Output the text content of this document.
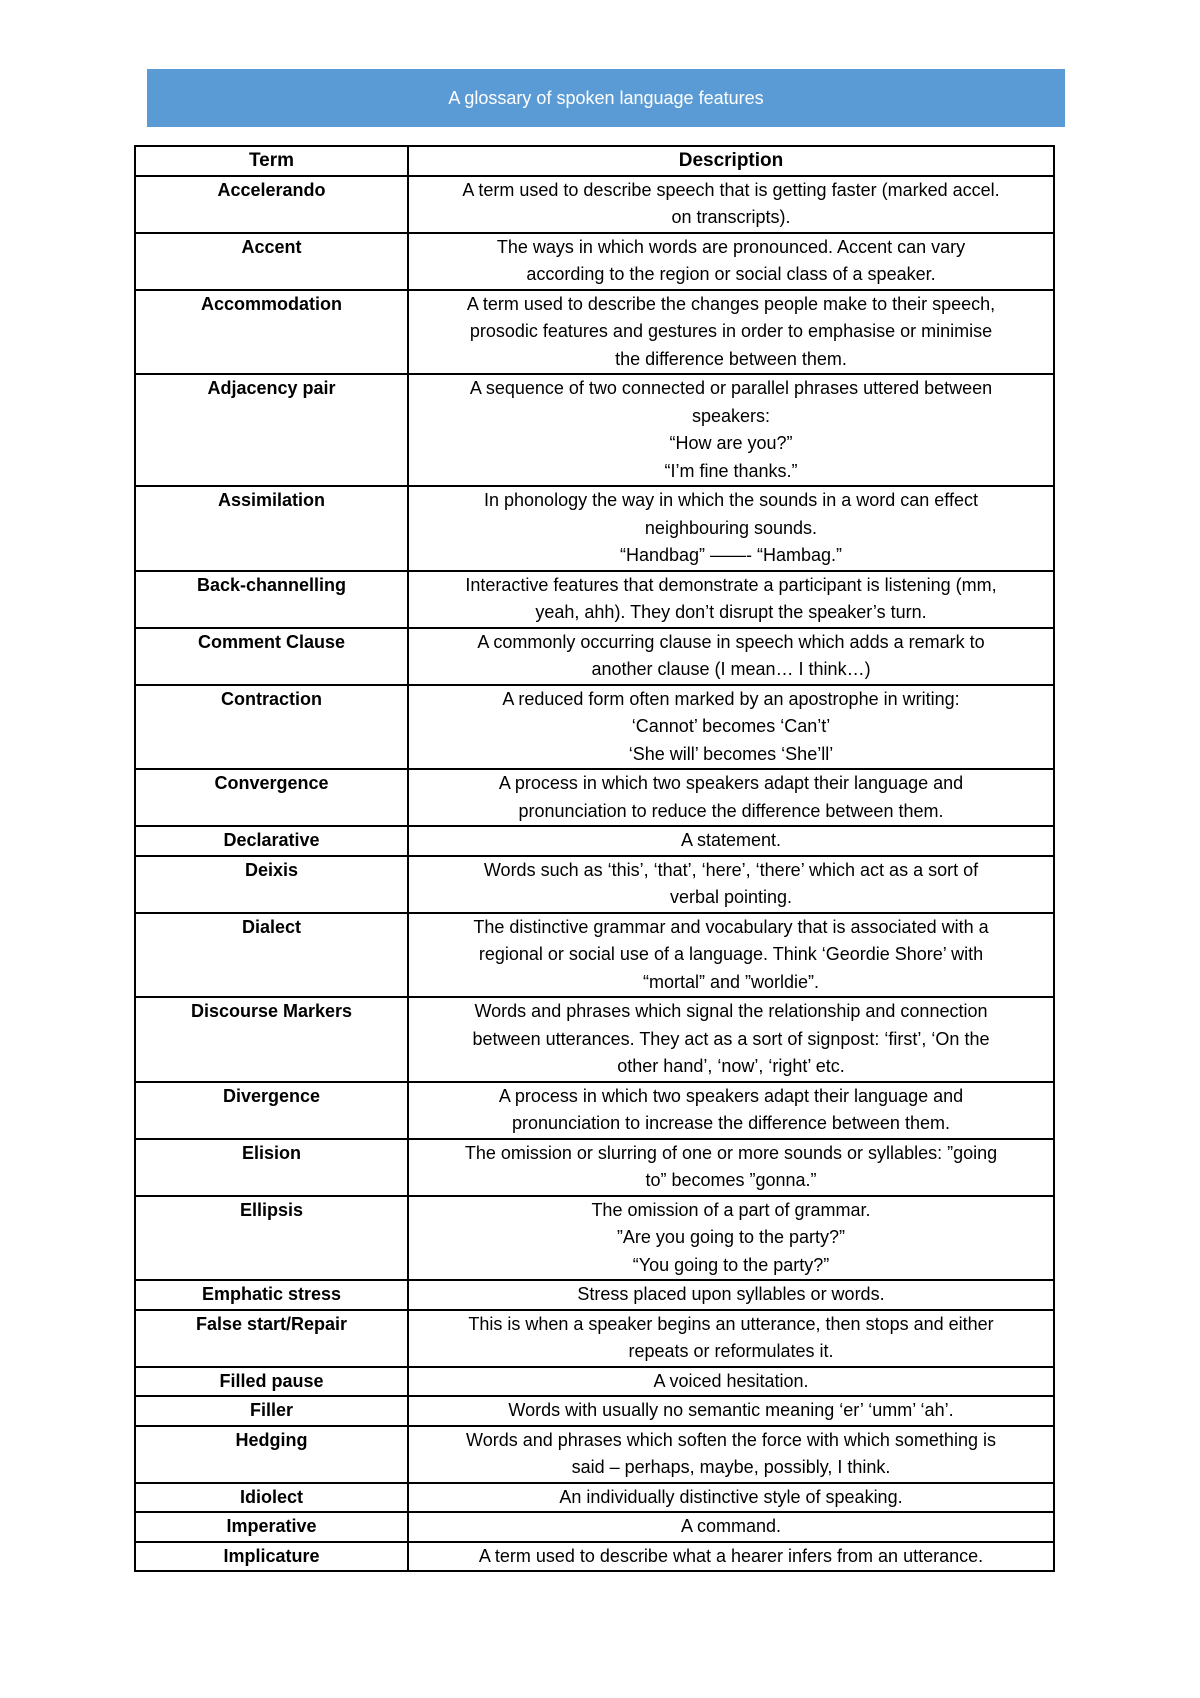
A glossary of spoken language features
Term	Description
Accelerando	A term used to describe speech that is getting faster (marked accel.
on transcripts).

Accent	The ways in which words are pronounced. Accent can vary
according to the region or social class of a speaker.

Accommodation	A term used to describe the changes people make to their speech,
prosodic features and gestures in order to emphasise or minimise
the difference between them.

Adjacency pair	A sequence of two connected or parallel phrases uttered between
speakers:
“How are you?”
“I’m fine thanks.”

Assimilation	In phonology the way in which the sounds in a word can effect
neighbouring sounds.
“Handbag” ——- “Hambag.”

Back-channelling	Interactive features that demonstrate a participant is listening (mm,
yeah, ahh). They don’t disrupt the speaker’s turn.

Comment Clause	A commonly occurring clause in speech which adds a remark to
another clause (I mean… I think…)

Contraction	A reduced form often marked by an apostrophe in writing:
‘Cannot’ becomes ‘Can’t’
‘She will’ becomes ‘She’ll’

Convergence	A process in which two speakers adapt their language and
pronunciation to reduce the difference between them.

Declarative	A statement.

Deixis	Words such as ‘this’, ‘that’, ‘here’, ‘there’ which act as a sort of
verbal pointing.

Dialect	The distinctive grammar and vocabulary that is associated with a
regional or social use of a language. Think ‘Geordie Shore’ with
“mortal” and ”worldie”.

Discourse Markers	Words and phrases which signal the relationship and connection
between utterances. They act as a sort of signpost: ‘first’, ‘On the
other hand’, ‘now’, ‘right’ etc.

Divergence	A process in which two speakers adapt their language and
pronunciation to increase the difference between them.

Elision	The omission or slurring of one or more sounds or syllables: ”going
to” becomes ”gonna.”

Ellipsis	The omission of a part of grammar.
”Are you going to the party?”
“You going to the party?”

Emphatic stress	Stress placed upon syllables or words.

False start/Repair	This is when a speaker begins an utterance, then stops and either
repeats or reformulates it.

Filled pause	A voiced hesitation.

Filler	Words with usually no semantic meaning ‘er’ ‘umm’ ‘ah’.

Hedging	Words and phrases which soften the force with which something is
said – perhaps, maybe, possibly, I think.

Idiolect	An individually distinctive style of speaking.

Imperative	A command.

Implicature	A term used to describe what a hearer infers from an utterance.
